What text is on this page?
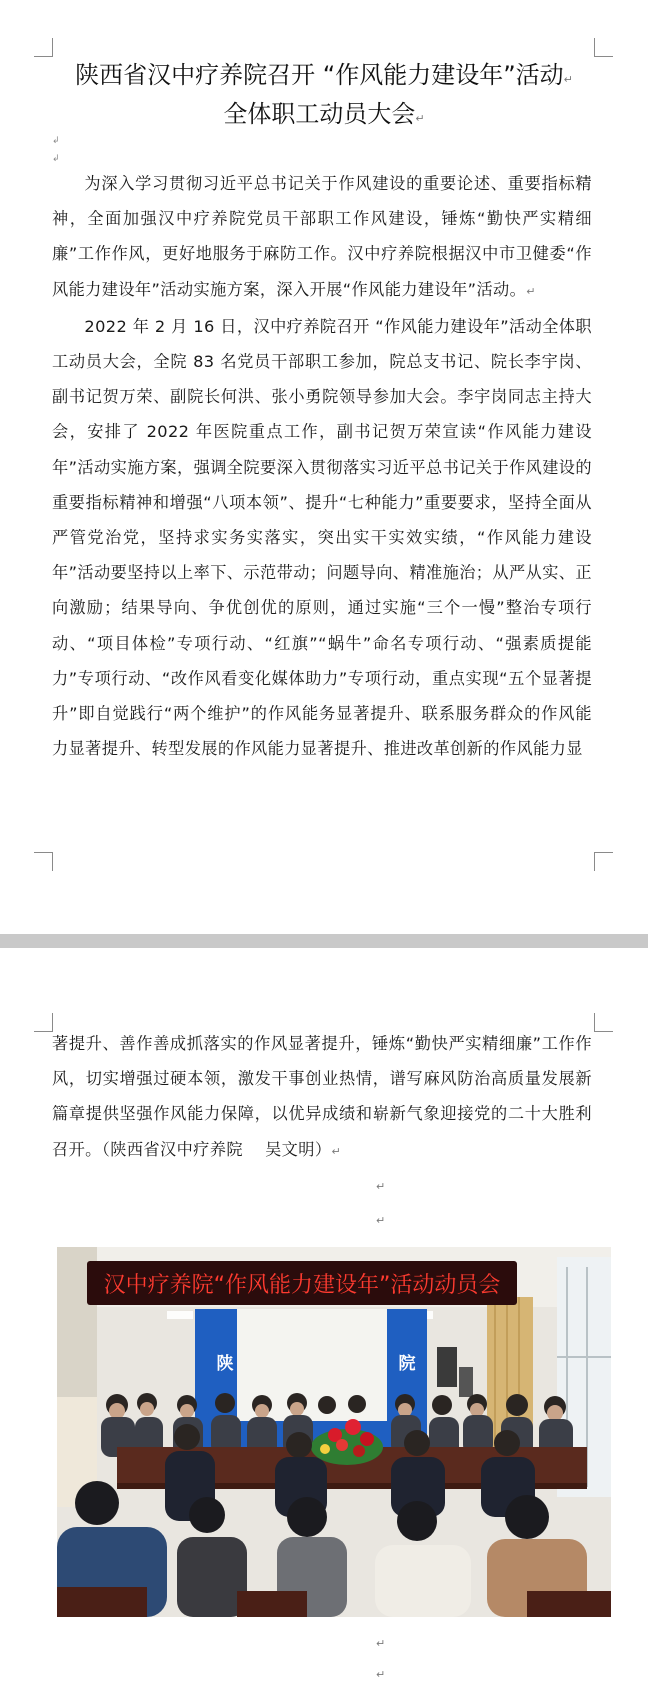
陕西省汉中疗养院召开 “作风能力建设年”活动↵
全体职工动员大会↵
↲
↲

为深入学习贯彻习近平总书记关于作风建设的重要论述、重要指标精神，全面加强汉中疗养院党员干部职工作风建设，锤炼“勤快严实精细廉”工作作风，更好地服务于麻防工作。汉中疗养院根据汉中市卫健委“作风能力建设年”活动实施方案，深入开展“作风能力建设年”活动。↵

2022 年 2 月 16 日，汉中疗养院召开 “作风能力建设年”活动全体职工动员大会，全院 83 名党员干部职工参加，院总支书记、院长李宇岗、副书记贺万荣、副院长何洪、张小勇院领导参加大会。李宇岗同志主持大会，安排了 2022 年医院重点工作，副书记贺万荣宣读“作风能力建设年”活动实施方案，强调全院要深入贯彻落实习近平总书记关于作风建设的重要指标精神和增强“八项本领”、提升“七种能力”重要要求，坚持全面从严管党治党，坚持求实务实落实，突出实干实效实绩，“作风能力建设年”活动要坚持以上率下、示范带动；问题导向、精准施治；从严从实、正向激励；结果导向、争优创优的原则，通过实施“三个一慢”整治专项行动、“项目体检”专项行动、“红旗”“蜗牛”命名专项行动、“强素质提能力”专项行动、“改作风看变化媒体助力”专项行动，重点实现“五个显著提升”即自觉践行“两个维护”的作风能务显著提升、联系服务群众的作风能力显著提升、转型发展的作风能力显著提升、推进改革创新的作风能力显

著提升、善作善成抓落实的作风显著提升，锤炼“勤快严实精细廉”工作作风，切实增强过硬本领，激发干事创业热情，谱写麻风防治高质量发展新篇章提供坚强作风能力保障，以优异成绩和崭新气象迎接党的二十大胜利召开。（陕西省汉中疗养院　 吴文明）↵

↵
↵
汉中疗养院“作风能力建设年”活动动员会
陕	院
↵
↵
